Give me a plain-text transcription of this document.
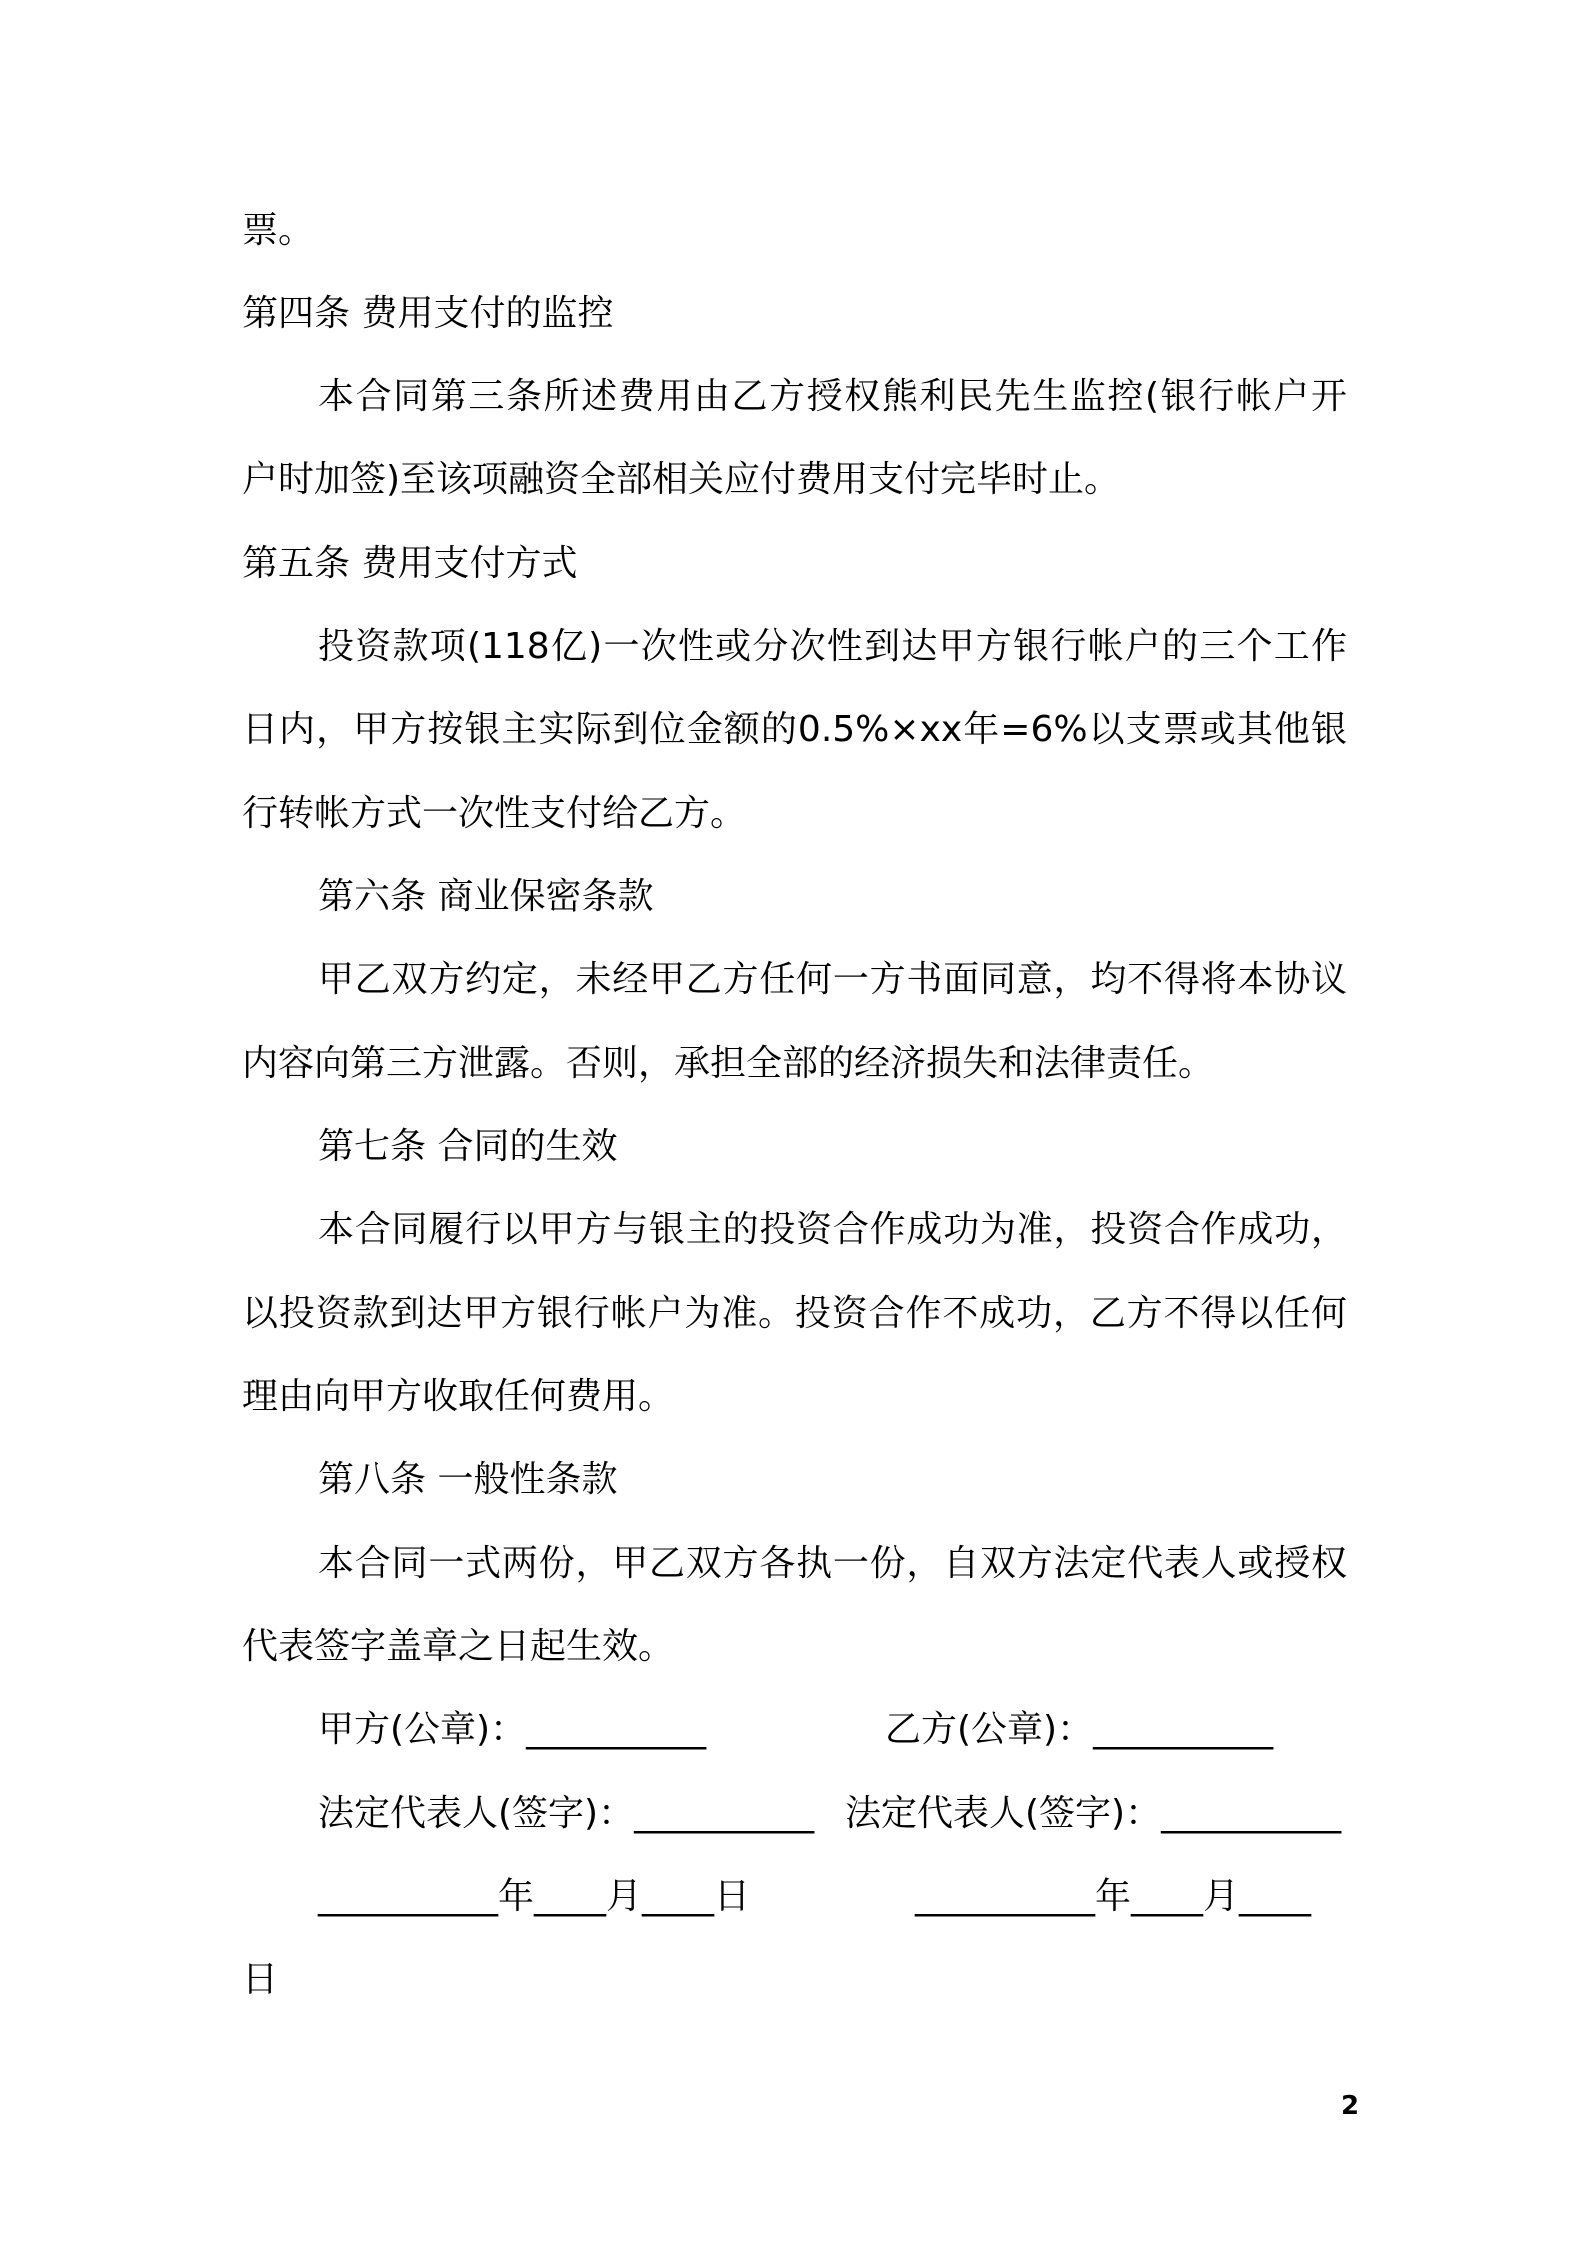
票。
第四条 费用支付的监控
本合同第三条所述费用由乙方授权熊利民先生监控(银行帐户开
户时加签)至该项融资全部相关应付费用支付完毕时止。
第五条 费用支付方式
投资款项(118亿)一次性或分次性到达甲方银行帐户的三个工作
日内，甲方按银主实际到位金额的0.5%×xx年=6%以支票或其他银
行转帐方式一次性支付给乙方。
第六条 商业保密条款
甲乙双方约定，未经甲乙方任何一方书面同意，均不得将本协议
内容向第三方泄露。否则，承担全部的经济损失和法律责任。
第七条 合同的生效
本合同履行以甲方与银主的投资合作成功为准，投资合作成功，
以投资款到达甲方银行帐户为准。投资合作不成功，乙方不得以任何
理由向甲方收取任何费用。
第八条 一般性条款
本合同一式两份，甲乙双方各执一份，自双方法定代表人或授权
代表签字盖章之日起生效。
甲方(公章)：__________	乙方(公章)：__________
法定代表人(签字)：__________ 法定代表人(签字)：__________
__________年____月____日	__________年____月____
日
2
